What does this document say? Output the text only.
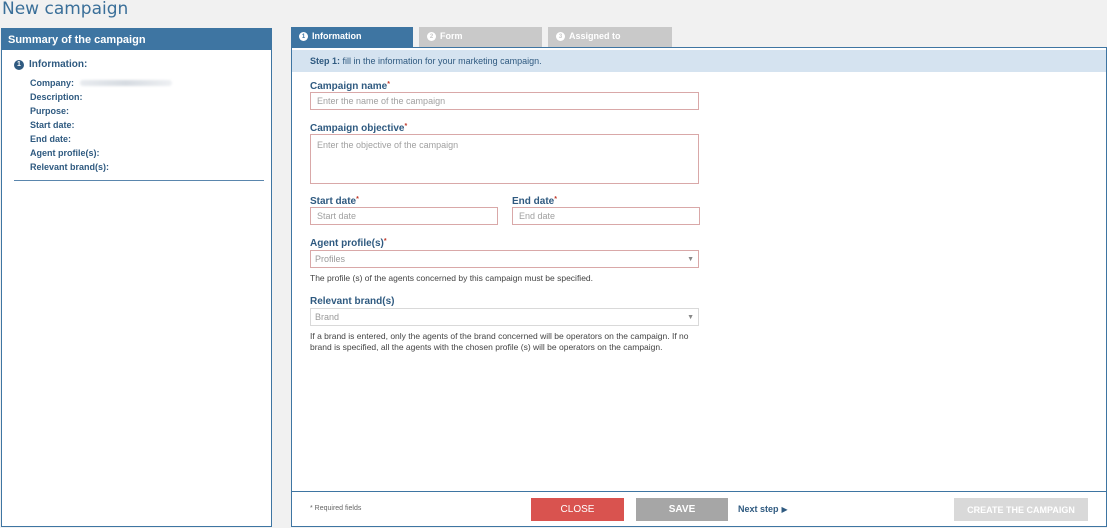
New campaign
Summary of the campaign
1 Information:
Company:
Description:
Purpose:
Start date:
End date:
Agent profile(s):
Relevant brand(s):
1 Information	2 Form	3 Assigned to
Step 1: fill in the information for your marketing campaign.
Campaign name*
Enter the name of the campaign
Campaign objective*
Enter the objective of the campaign
Start date*
Start date
End date*
End date
Agent profile(s)*
Profiles	▼
The profile (s) of the agents concerned by this campaign must be specified.
Relevant brand(s)
Brand	▼
If a brand is entered, only the agents of the brand concerned will be operators on the campaign. If no brand is specified, all the agents with the chosen profile (s) will be operators on the campaign.
* Required fields	CLOSE	SAVE	Next step ▶	CREATE THE CAMPAIGN
